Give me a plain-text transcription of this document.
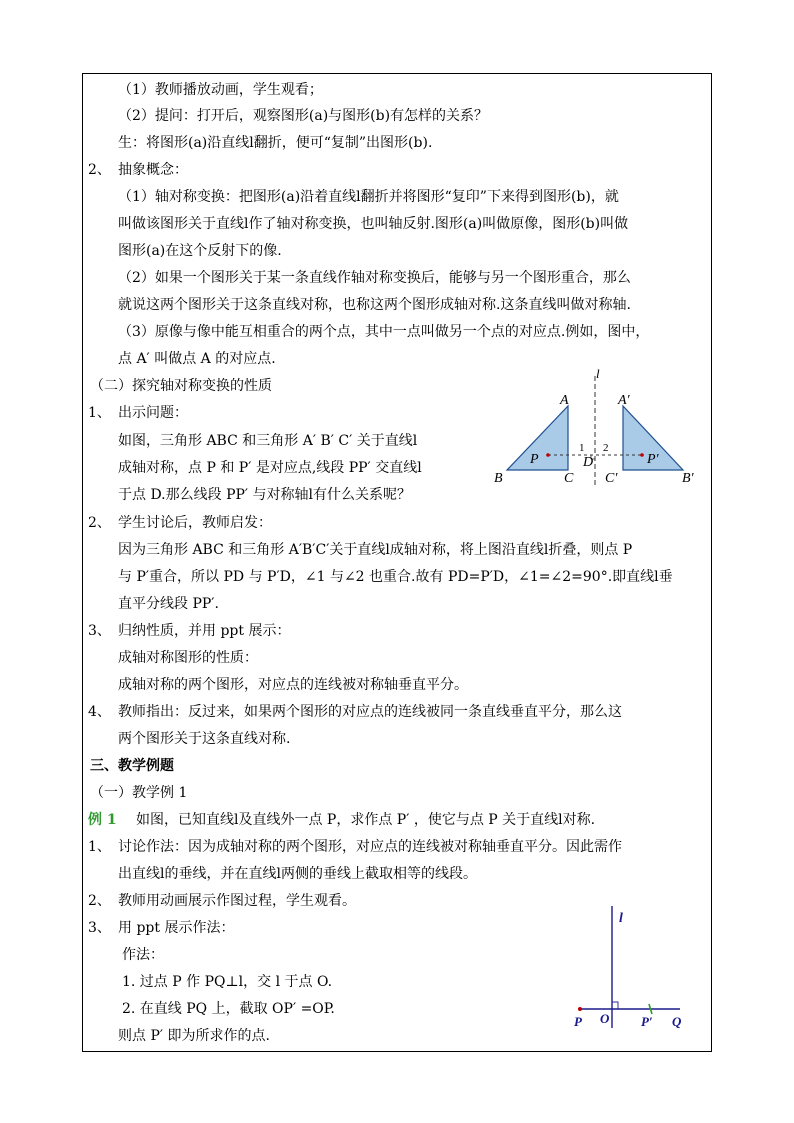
（1）教师播放动画，学生观看；
（2）提问：打开后，观察图形(a)与图形(b)有怎样的关系？
生：将图形(a)沿直线l翻折，便可“复制”出图形(b).
2、 抽象概念：
（1）轴对称变换：把图形(a)沿着直线l翻折并将图形“复印”下来得到图形(b)，就
叫做该图形关于直线l作了轴对称变换，也叫轴反射.图形(a)叫做原像，图形(b)叫做
图形(a)在这个反射下的像.
（2）如果一个图形关于某一条直线作轴对称变换后，能够与另一个图形重合，那么
就说这两个图形关于这条直线对称，也称这两个图形成轴对称.这条直线叫做对称轴.
（3）原像与像中能互相重合的两个点，其中一点叫做另一个点的对应点.例如，图中，
点 A′ 叫做点 A 的对应点.
（二）探究轴对称变换的性质
1、 出示问题：
如图，三角形 ABC 和三角形 A′ B′ C′ 关于直线l
成轴对称，点 P 和 P′ 是对应点,线段 PP′ 交直线l
于点 D.那么线段 PP′ 与对称轴l有什么关系呢？
l
A	A′
B	C C′	B′
P	P′
D
1 2
2、 学生讨论后，教师启发：
因为三角形 ABC 和三角形 A′B′C′关于直线l成轴对称，将上图沿直线l折叠，则点 P
与 P′重合，所以 PD 与 P′D，∠1 与∠2 也重合.故有 PD=P′D，∠1=∠2=90°.即直线l垂
直平分线段 PP′.
3、 归纳性质，并用 ppt 展示：
成轴对称图形的性质：
成轴对称的两个图形，对应点的连线被对称轴垂直平分。
4、 教师指出：反过来，如果两个图形的对应点的连线被同一条直线垂直平分，那么这
两个图形关于这条直线对称.
三、教学例题
（一）教学例 1
例 1 如图，已知直线l及直线外一点 P，求作点 P′ ，使它与点 P 关于直线l对称.
1、 讨论作法：因为成轴对称的两个图形，对应点的连线被对称轴垂直平分。因此需作
出直线l的垂线，并在直线l两侧的垂线上截取相等的线段。
2、 教师用动画展示作图过程，学生观看。
3、 用 ppt 展示作法：
作法：
1. 过点 P 作 PQ⊥l，交 l 于点 O.
2. 在直线 PQ 上，截取 OP′ =OP.
则点 P′ 即为所求作的点.
l
P O P′ Q
